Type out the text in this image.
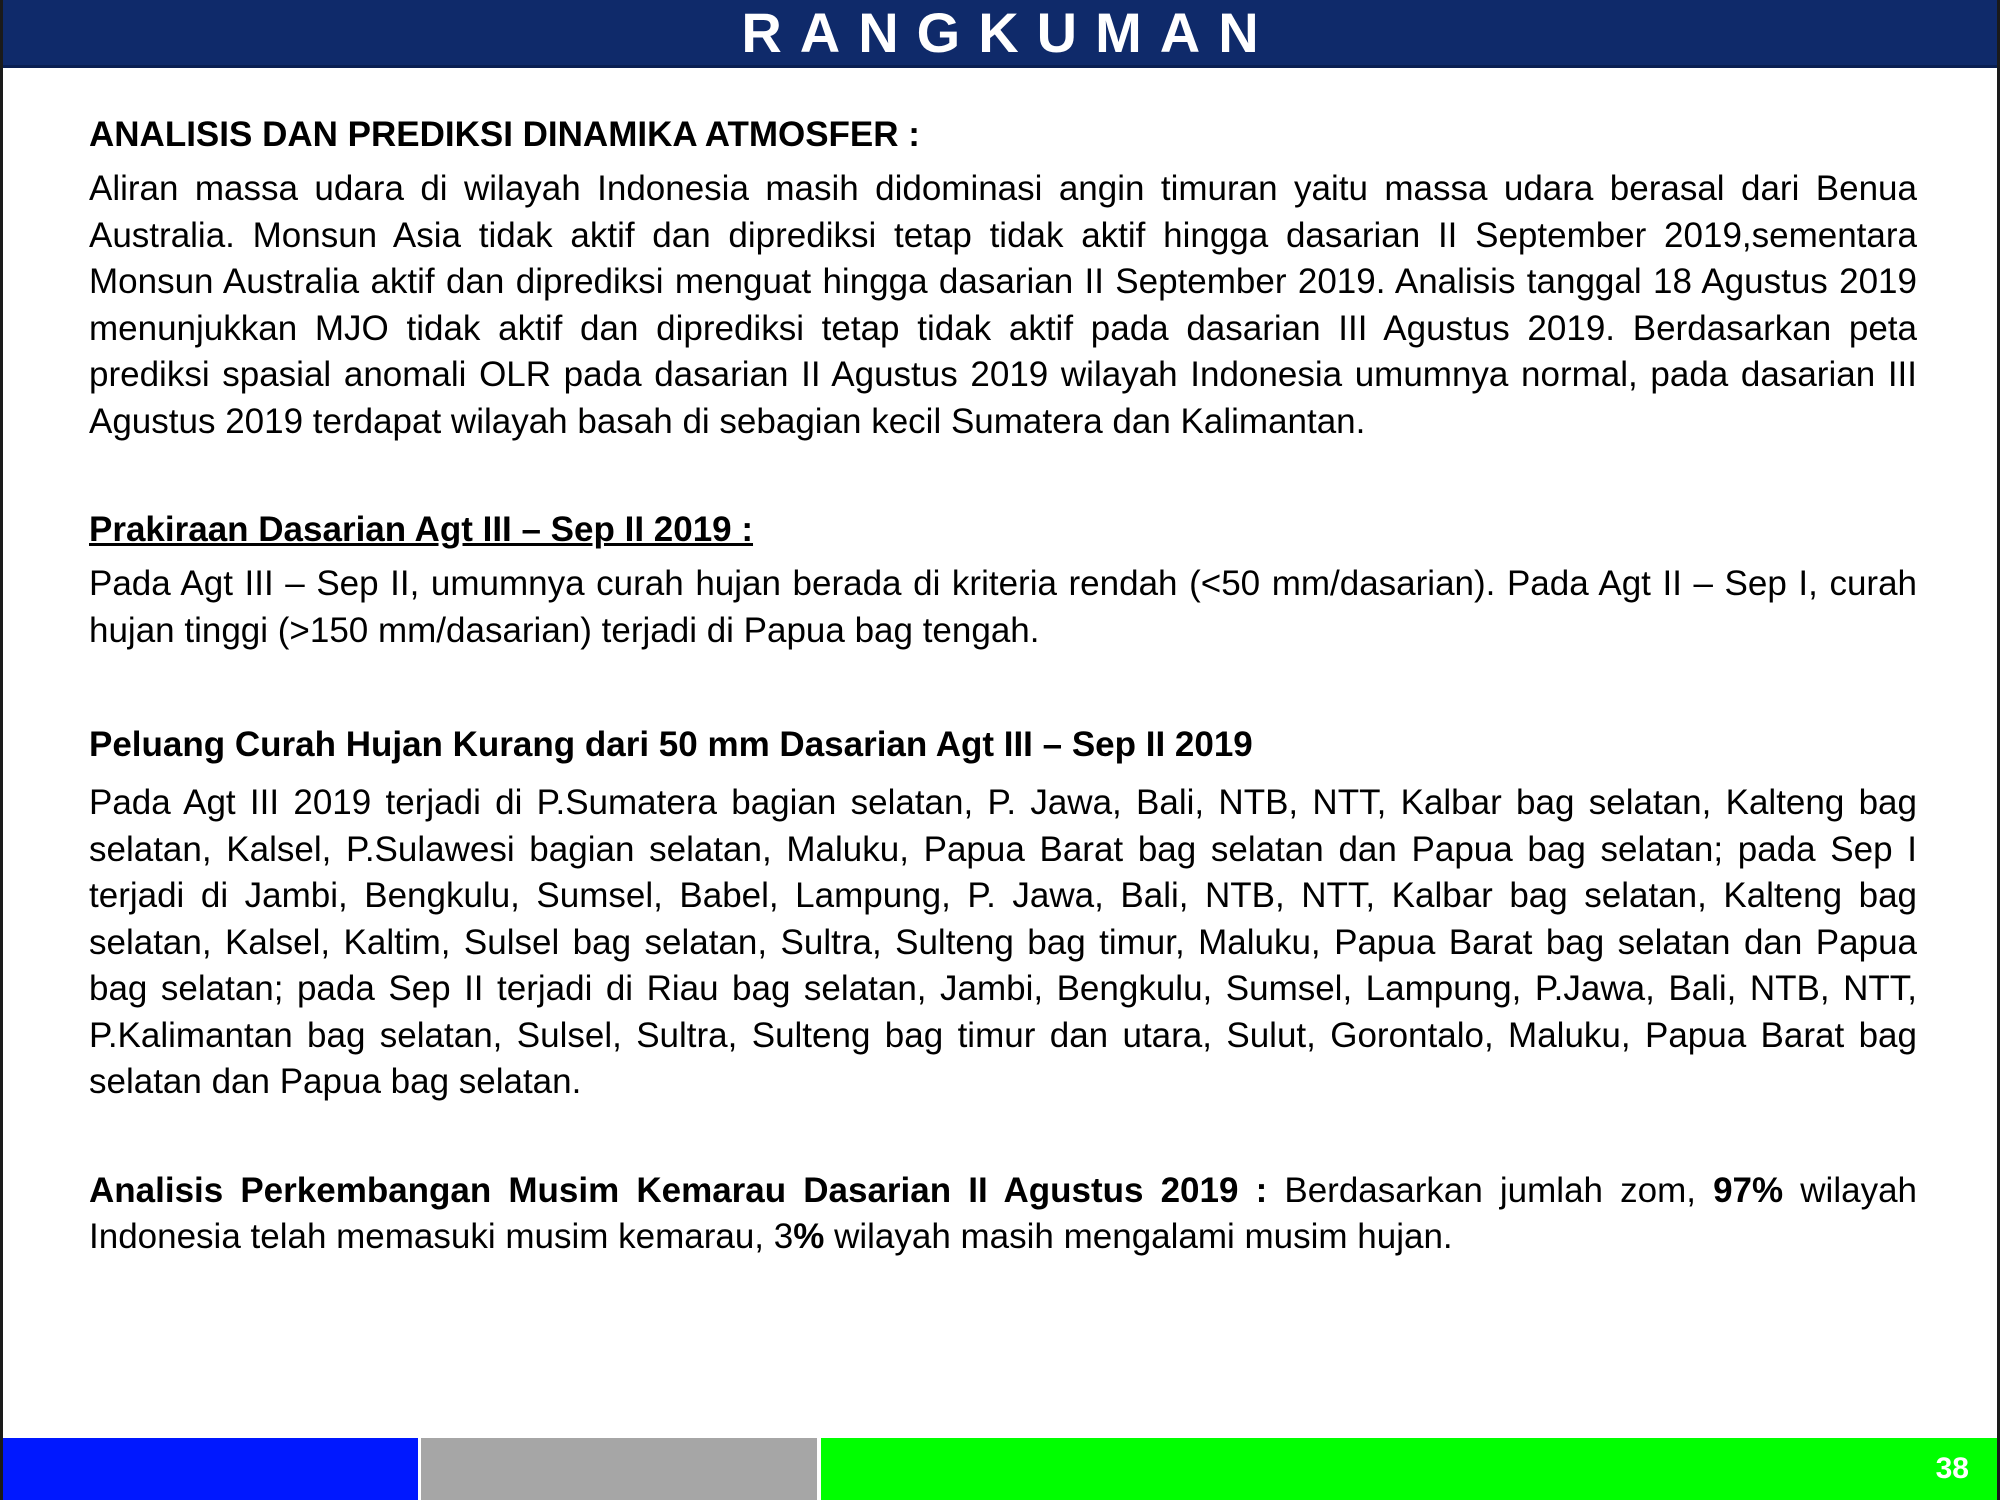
RANGKUMAN

ANALISIS DAN PREDIKSI DINAMIKA ATMOSFER :

Aliran massa udara di wilayah Indonesia masih didominasi angin timuran yaitu massa udara berasal dari Benua Australia. Monsun Asia tidak aktif dan diprediksi tetap tidak aktif hingga dasarian II September 2019,sementara Monsun Australia aktif dan diprediksi menguat hingga dasarian II September 2019. Analisis tanggal 18 Agustus 2019 menunjukkan MJO tidak aktif dan diprediksi tetap tidak aktif pada dasarian III Agustus 2019. Berdasarkan peta prediksi spasial anomali OLR pada dasarian II Agustus 2019 wilayah Indonesia umumnya normal, pada dasarian III Agustus 2019 terdapat wilayah basah di sebagian kecil Sumatera dan Kalimantan.

Prakiraan Dasarian Agt III – Sep II 2019 :

Pada Agt III – Sep II, umumnya curah hujan berada di kriteria rendah (<50 mm/dasarian). Pada Agt II – Sep I, curah hujan tinggi (>150 mm/dasarian) terjadi di Papua bag tengah.

Peluang Curah Hujan Kurang dari 50 mm Dasarian Agt III – Sep II 2019

Pada Agt III 2019 terjadi di P.Sumatera bagian selatan, P. Jawa, Bali, NTB, NTT, Kalbar bag selatan, Kalteng bag selatan, Kalsel, P.Sulawesi bagian selatan, Maluku, Papua Barat bag selatan dan Papua bag selatan; pada Sep I terjadi di Jambi, Bengkulu, Sumsel, Babel, Lampung, P. Jawa, Bali, NTB, NTT, Kalbar bag selatan, Kalteng bag selatan, Kalsel, Kaltim, Sulsel bag selatan, Sultra, Sulteng bag timur, Maluku, Papua Barat bag selatan dan Papua bag selatan; pada Sep II terjadi di Riau bag selatan, Jambi, Bengkulu, Sumsel, Lampung, P.Jawa, Bali, NTB, NTT, P.Kalimantan bag selatan, Sulsel, Sultra, Sulteng bag timur dan utara, Sulut, Gorontalo, Maluku, Papua Barat bag selatan dan Papua bag selatan.

Analisis Perkembangan Musim Kemarau Dasarian II Agustus 2019 : Berdasarkan jumlah zom, 97% wilayah Indonesia telah memasuki musim kemarau, 3% wilayah masih mengalami musim hujan.

38
